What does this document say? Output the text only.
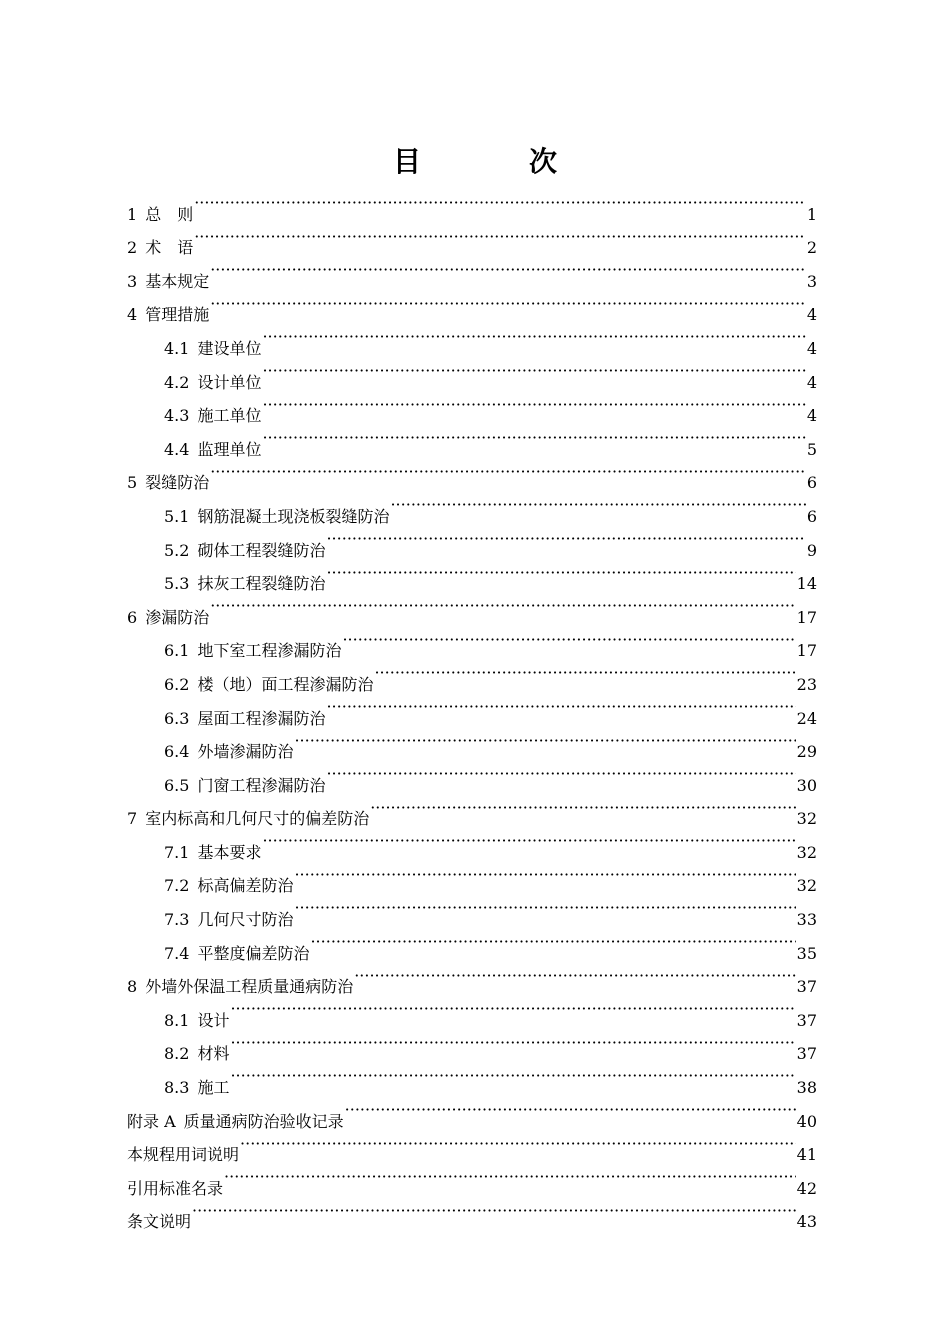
目　次
1 总　则 ·····	1
2 术　语 ·····	2
3 基本规定 ·····	3
4 管理措施 ·····	4
4.1 建设单位 ·····	4
4.2 设计单位 ·····	4
4.3 施工单位 ·····	4
4.4 监理单位 ·····	5
5 裂缝防治 ·····	6
5.1 钢筋混凝土现浇板裂缝防治 ·····	6
5.2 砌体工程裂缝防治 ·····	9
5.3 抹灰工程裂缝防治 ·····	14
6 渗漏防治 ·····	17
6.1 地下室工程渗漏防治 ·····	17
6.2 楼（地）面工程渗漏防治 ·····	23
6.3 屋面工程渗漏防治 ·····	24
6.4 外墙渗漏防治 ·····	29
6.5 门窗工程渗漏防治 ·····	30
7 室内标高和几何尺寸的偏差防治 ·····	32
7.1 基本要求 ·····	32
7.2 标高偏差防治 ·····	32
7.3 几何尺寸防治 ·····	33
7.4 平整度偏差防治 ·····	35
8 外墙外保温工程质量通病防治 ·····	37
8.1 设计 ·····	37
8.2 材料 ·····	37
8.3 施工 ·····	38
附录 A 质量通病防治验收记录 ·····	40
本规程用词说明 ·····	41
引用标准名录 ·····	42
条文说明 ·····	43
